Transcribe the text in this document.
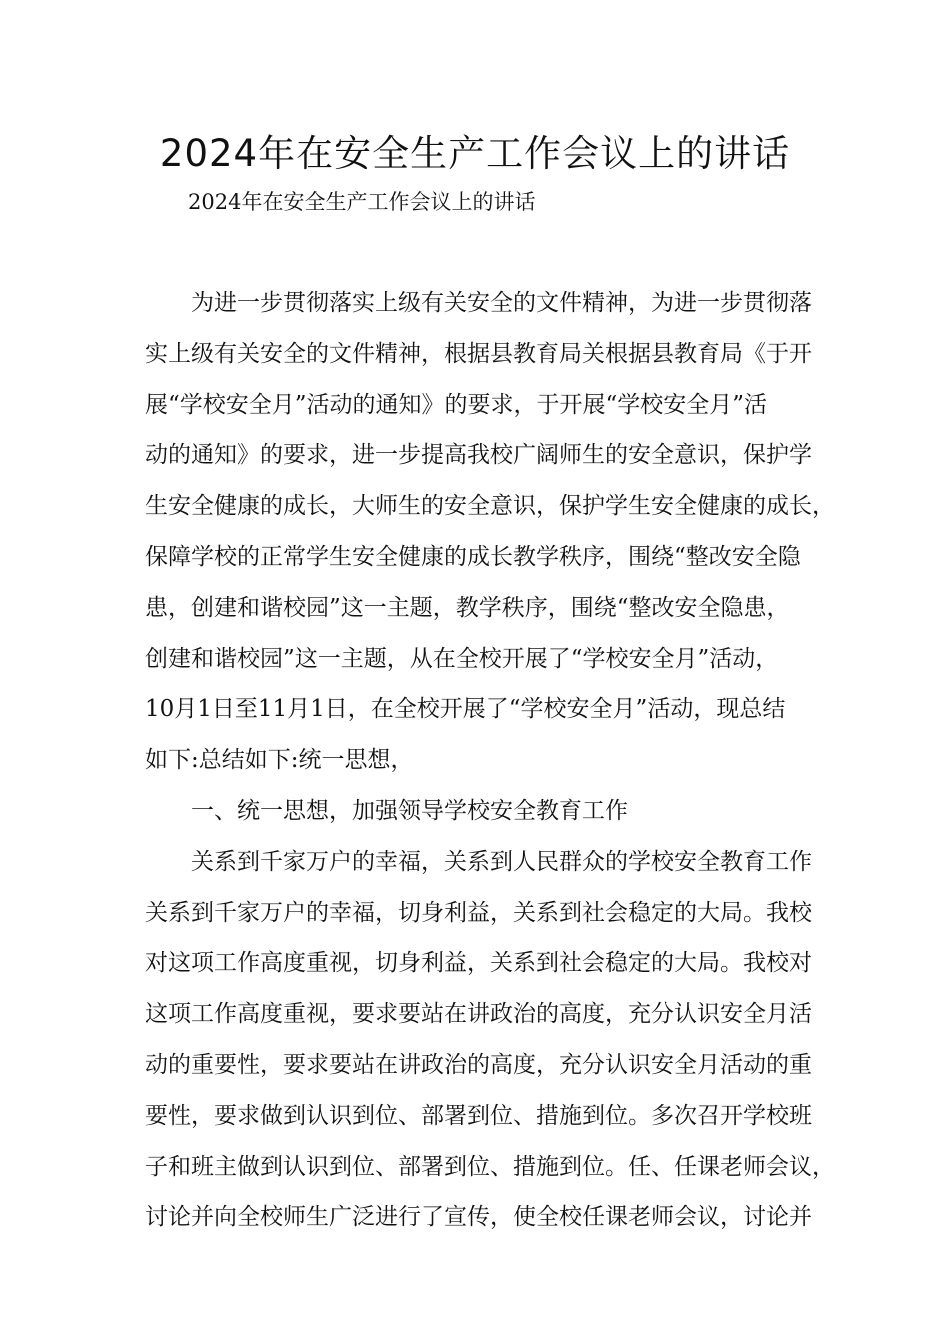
2024年在安全生产工作会议上的讲话

2024年在安全生产工作会议上的讲话

为进一步贯彻落实上级有关安全的文件精神，为进一步贯彻落
实上级有关安全的文件精神，根据县教育局关根据县教育局《于开
展“学校安全月”活动的通知》的要求，于开展“学校安全月”活
动的通知》的要求，进一步提高我校广阔师生的安全意识，保护学
生安全健康的成长，大师生的安全意识，保护学生安全健康的成长，
保障学校的正常学生安全健康的成长教学秩序，围绕“整改安全隐
患，创建和谐校园”这一主题，教学秩序，围绕“整改安全隐患，
创建和谐校园”这一主题，从在全校开展了“学校安全月”活动，
10月1日至11月1日，在全校开展了“学校安全月”活动，现总结
如下:总结如下:统一思想，
一、统一思想，加强领导学校安全教育工作
关系到千家万户的幸福，关系到人民群众的学校安全教育工作
关系到千家万户的幸福，切身利益，关系到社会稳定的大局。我校
对这项工作高度重视，切身利益，关系到社会稳定的大局。我校对
这项工作高度重视，要求要站在讲政治的高度，充分认识安全月活
动的重要性，要求要站在讲政治的高度，充分认识安全月活动的重
要性，要求做到认识到位、部署到位、措施到位。多次召开学校班
子和班主做到认识到位、部署到位、措施到位。任、任课老师会议，
讨论并向全校师生广泛进行了宣传，使全校任课老师会议，讨论并
